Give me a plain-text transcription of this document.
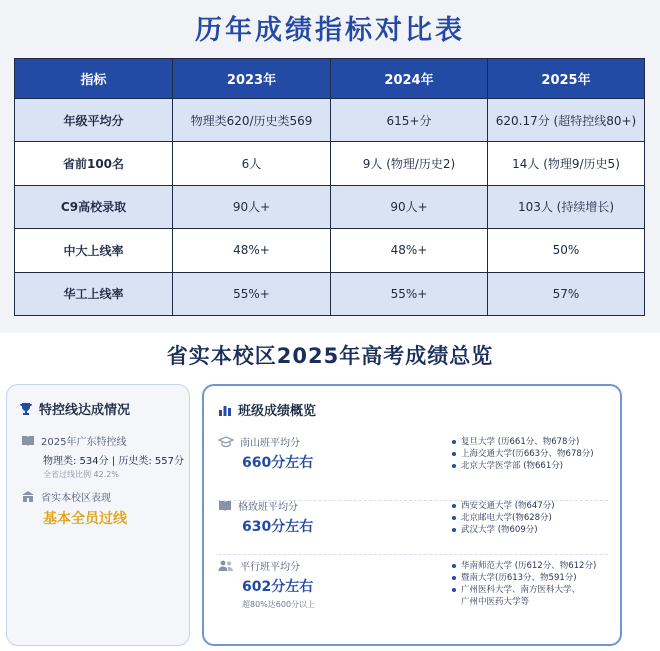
历年成绩指标对比表
指标	2023年	2024年	2025年
年级平均分	物理类620/历史类569	615+分	620.17分 (超特控线80+)
省前100名	6人	9人 (物理/历史2)	14人 (物理9/历史5)
C9高校录取	90人+	90人+	103人 (持续增长)
中大上线率	48%+	48%+	50%
华工上线率	55%+	55%+	57%
省实本校区2025年高考成绩总览
特控线达成情况
2025年广东特控线
物理类: 534分 | 历史类: 557分
全省过线比例 42.2%
省实本校区表现
基本全员过线
班级成绩概览
南山班平均分
660分左右
复旦大学 (历661分、物678分)
上海交通大学(历663分、物678分)
北京大学医学部 (物661分)
格致班平均分
630分左右
西安交通大学 (物647分)
北京邮电大学(物628分)
武汉大学 (物609分)
平行班平均分
602分左右
超80%达600分以上
华南师范大学 (历612分、物612分)
暨南大学(历613分、物591分)
广州医科大学、南方医科大学、
广州中医药大学等
